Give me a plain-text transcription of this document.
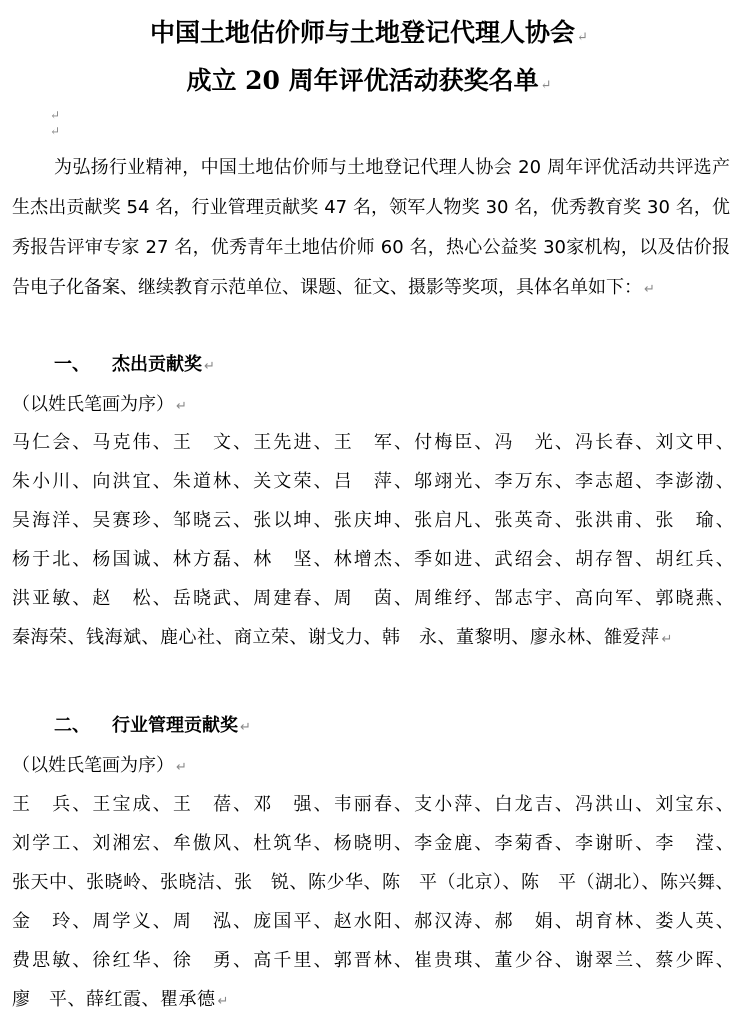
中国土地估价师与土地登记代理人协会 ↵
成立 20 周年评优活动获奖名单 ↵
↵
↵
为弘扬行业精神，中国土地估价师与土地登记代理人协会 20 周年评优活动共评选产生杰出贡献奖 54 名，行业管理贡献奖 47 名，领军人物奖 30 名，优秀教育奖 30 名，优秀报告评审专家 27 名，优秀青年土地估价师 60 名，热心公益奖 30家机构，以及估价报告电子化备案、继续教育示范单位、课题、征文、摄影等奖项，具体名单如下： ↵
一、 杰出贡献奖 ↵
（以姓氏笔画为序） ↵
马仁会、马克伟、王　文、王先进、王　军、付梅臣、冯　光、冯长春、刘文甲、朱小川、向洪宜、朱道林、关文荣、吕　萍、邬翊光、李万东、李志超、李澎渤、吴海洋、吴赛珍、邹晓云、张以坤、张庆坤、张启凡、张英奇、张洪甫、张　瑜、杨于北、杨国诚、林方磊、林　坚、林增杰、季如进、武绍会、胡存智、胡红兵、洪亚敏、赵　松、岳晓武、周建春、周　茵、周维纾、郜志宇、高向军、郭晓燕、秦海荣、钱海斌、鹿心社、商立荣、谢戈力、韩　永、董黎明、廖永林、雒爱萍 ↵
二、 行业管理贡献奖 ↵
（以姓氏笔画为序） ↵
王　兵、王宝成、王　蓓、邓　强、韦丽春、支小萍、白龙吉、冯洪山、刘宝东、刘学工、刘湘宏、牟傲风、杜筑华、杨晓明、李金鹿、李菊香、李谢昕、李　滢、张天中、张晓岭、张晓洁、张　锐、陈少华、陈　平（北京）、陈　平（湖北）、陈兴舞、金　玲、周学义、周　泓、庞国平、赵水阳、郝汉涛、郝　娟、胡育林、娄人英、费思敏、徐红华、徐　勇、高千里、郭晋林、崔贵琪、董少谷、谢翠兰、蔡少晖、廖　平、薛红霞、瞿承德 ↵
